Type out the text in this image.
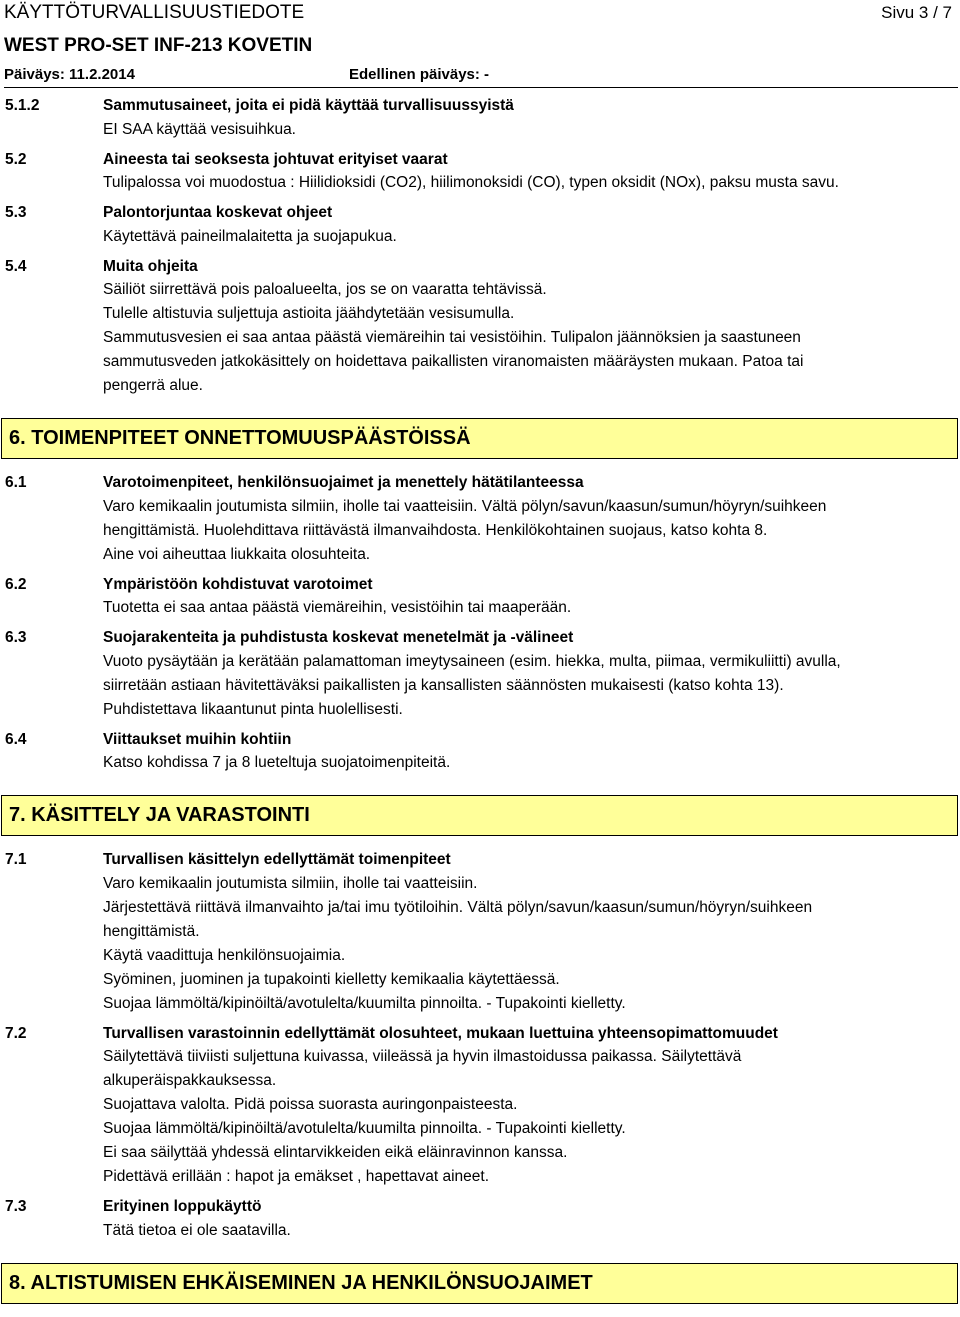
KÄYTTÖTURVALLISUUSTIEDOTE	Sivu 3 / 7
WEST PRO-SET INF-213 KOVETIN
Päiväys: 11.2.2014	Edellinen päiväys: -
5.1.2	Sammutusaineet, joita ei pidä käyttää turvallisuussyistä
EI SAA käyttää vesisuihkua.
5.2	Aineesta tai seoksesta johtuvat erityiset vaarat
Tulipalossa voi muodostua : Hiilidioksidi (CO2), hiilimonoksidi (CO), typen oksidit (NOx), paksu musta savu.
5.3	Palontorjuntaa koskevat ohjeet
Käytettävä paineilmalaitetta ja suojapukua.
5.4	Muita ohjeita
Säiliöt siirrettävä pois paloalueelta, jos se on vaaratta tehtävissä.
Tulelle altistuvia suljettuja astioita jäähdytetään vesisumulla.
Sammutusvesien ei saa antaa päästä viemäreihin tai vesistöihin. Tulipalon jäännöksien ja saastuneen
sammutusveden jatkokäsittely on hoidettava paikallisten viranomaisten määräysten mukaan. Patoa tai
pengerrä alue.
6. TOIMENPITEET ONNETTOMUUSPÄÄSTÖISSÄ
6.1	Varotoimenpiteet, henkilönsuojaimet ja menettely hätätilanteessa
Varo kemikaalin joutumista silmiin, iholle tai vaatteisiin. Vältä pölyn/savun/kaasun/sumun/höyryn/suihkeen
hengittämistä. Huolehdittava riittävästä ilmanvaihdosta. Henkilökohtainen suojaus, katso kohta 8.
Aine voi aiheuttaa liukkaita olosuhteita.
6.2	Ympäristöön kohdistuvat varotoimet
Tuotetta ei saa antaa päästä viemäreihin, vesistöihin tai maaperään.
6.3	Suojarakenteita ja puhdistusta koskevat menetelmät ja -välineet
Vuoto pysäytään ja kerätään palamattoman imeytysaineen (esim. hiekka, multa, piimaa, vermikuliitti) avulla,
siirretään astiaan hävitettäväksi paikallisten ja kansallisten säännösten mukaisesti (katso kohta 13).
Puhdistettava likaantunut pinta huolellisesti.
6.4	Viittaukset muihin kohtiin
Katso kohdissa 7 ja 8 lueteltuja suojatoimenpiteitä.
7. KÄSITTELY JA VARASTOINTI
7.1	Turvallisen käsittelyn edellyttämät toimenpiteet
Varo kemikaalin joutumista silmiin, iholle tai vaatteisiin.
Järjestettävä riittävä ilmanvaihto ja/tai imu työtiloihin. Vältä pölyn/savun/kaasun/sumun/höyryn/suihkeen
hengittämistä.
Käytä vaadittuja henkilönsuojaimia.
Syöminen, juominen ja tupakointi kielletty kemikaalia käytettäessä.
Suojaa lämmöltä/kipinöiltä/avotulelta/kuumilta pinnoilta. - Tupakointi kielletty.
7.2	Turvallisen varastoinnin edellyttämät olosuhteet, mukaan luettuina yhteensopimattomuudet
Säilytettävä tiiviisti suljettuna kuivassa, viileässä ja hyvin ilmastoidussa paikassa. Säilytettävä
alkuperäispakkauksessa.
Suojattava valolta. Pidä poissa suorasta auringonpaisteesta.
Suojaa lämmöltä/kipinöiltä/avotulelta/kuumilta pinnoilta. - Tupakointi kielletty.
Ei saa säilyttää yhdessä elintarvikkeiden eikä eläinravinnon kanssa.
Pidettävä erillään : hapot ja emäkset , hapettavat aineet.
7.3	Erityinen loppukäyttö
Tätä tietoa ei ole saatavilla.
8. ALTISTUMISEN EHKÄISEMINEN JA HENKILÖNSUOJAIMET
